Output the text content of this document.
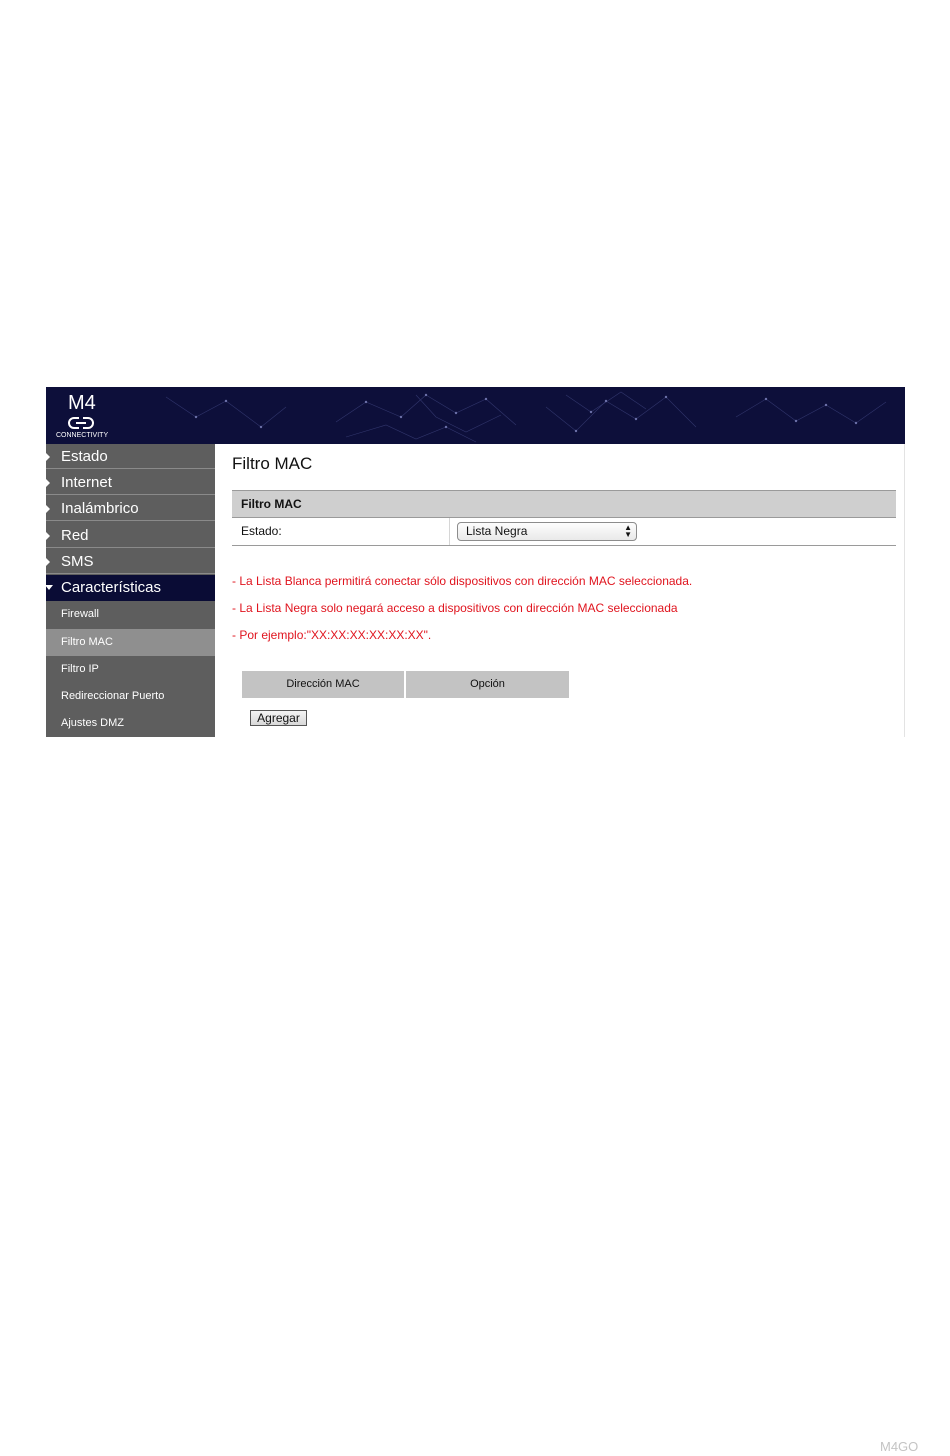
M4
CONNECTIVITY
Estado
Internet
Inalámbrico
Red
SMS
Características
Firewall
Filtro MAC
Filtro IP
Redireccionar Puerto
Ajustes DMZ
Filtro MAC
Filtro MAC
Estado:	Lista Negra	▲
▼
- La Lista Blanca permitirá conectar sólo dispositivos con dirección MAC seleccionada.
- La Lista Negra solo negará acceso a dispositivos con dirección MAC seleccionada
- Por ejemplo:"XX:XX:XX:XX:XX:XX".
Dirección MAC	Opción
Agregar
M4GO
